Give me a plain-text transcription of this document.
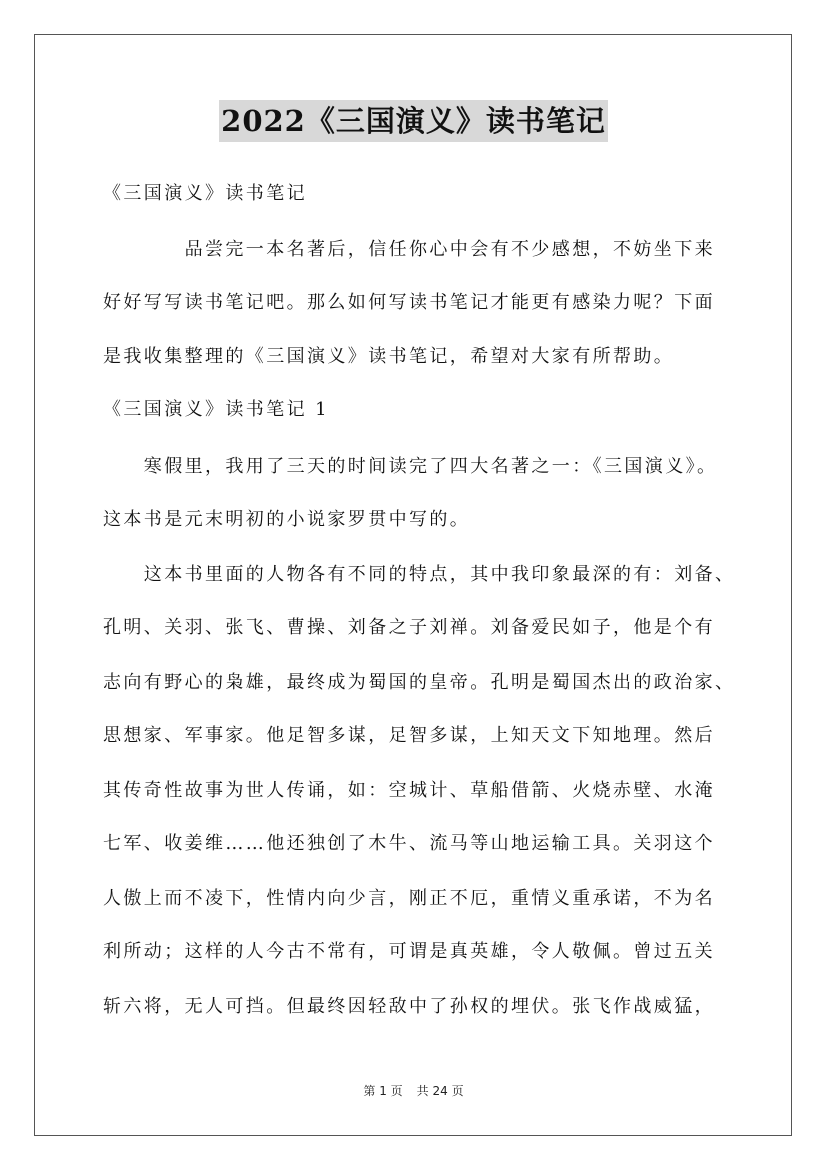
2022《三国演义》读书笔记
《三国演义》读书笔记
　　　　品尝完一本名著后，信任你心中会有不少感想，不妨坐下来
好好写写读书笔记吧。那么如何写读书笔记才能更有感染力呢？下面
是我收集整理的《三国演义》读书笔记，希望对大家有所帮助。
《三国演义》读书笔记 1
　　寒假里，我用了三天的时间读完了四大名著之一：《三国演义》。
这本书是元末明初的小说家罗贯中写的。
　　这本书里面的人物各有不同的特点，其中我印象最深的有：刘备、
孔明、关羽、张飞、曹操、刘备之子刘禅。刘备爱民如子，他是个有
志向有野心的枭雄，最终成为蜀国的皇帝。孔明是蜀国杰出的政治家、
思想家、军事家。他足智多谋，足智多谋，上知天文下知地理。然后
其传奇性故事为世人传诵，如：空城计、草船借箭、火烧赤壁、水淹
七军、收姜维……他还独创了木牛、流马等山地运输工具。关羽这个
人傲上而不凌下，性情内向少言，刚正不厄，重情义重承诺，不为名
利所动；这样的人今古不常有，可谓是真英雄，令人敬佩。曾过五关
斩六将，无人可挡。但最终因轻敌中了孙权的埋伏。张飞作战威猛，
第 1 页 共 24 页
